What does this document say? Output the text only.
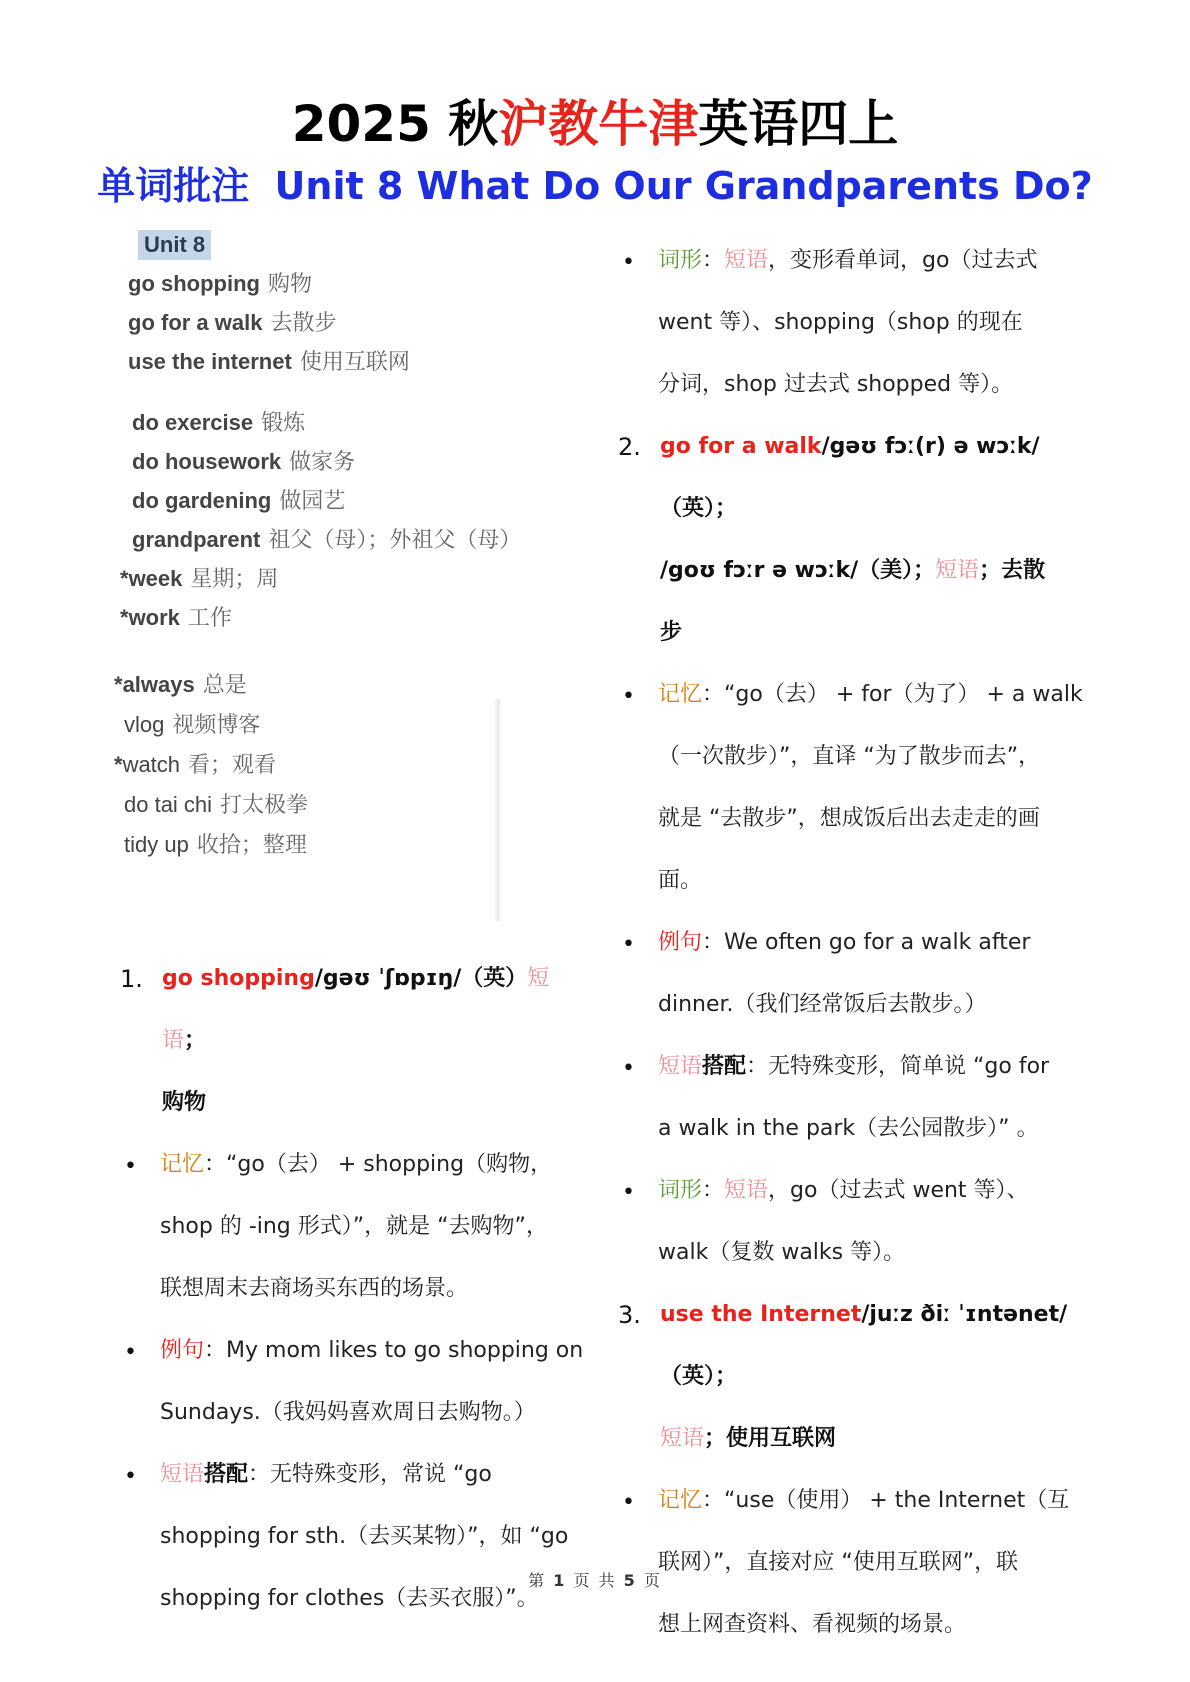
2025 秋沪教牛津英语四上
单词批注 Unit 8 What Do Our Grandparents Do?
Unit 8
go shopping 购物
go for a walk 去散步
use the internet 使用互联网
do exercise 锻炼
do housework 做家务
do gardening 做园艺
grandparent 祖父（母）；外祖父（母）
*week 星期；周
*work 工作
*always 总是
vlog 视频博客
*watch 看；观看
do tai chi 打太极拳
tidy up 收拾；整理
1. go shopping/gəʊ ˈʃɒpɪŋ/（英）短语；
购物
• 记忆：“go（去） + shopping（购物，
shop 的 -ing 形式）”，就是 “去购物”，
联想周末去商场买东西的场景。
• 例句：My mom likes to go shopping on
Sundays.（我妈妈喜欢周日去购物。）
• 短语搭配：无特殊变形，常说 “go
shopping for sth.（去买某物）”，如 “go
shopping for clothes（去买衣服）”。
• 词形：短语，变形看单词，go（过去式
went 等）、shopping（shop 的现在
分词，shop 过去式 shopped 等）。
2. go for a walk/gəʊ fɔː(r) ə wɔːk/（英）；
/goʊ fɔːr ə wɔːk/（美）；短语；去散
步
• 记忆：“go（去） + for（为了） + a walk
（一次散步）”，直译 “为了散步而去”，
就是 “去散步”，想成饭后出去走走的画
面。
• 例句：We often go for a walk after
dinner.（我们经常饭后去散步。）
• 短语搭配：无特殊变形，简单说 “go for
a walk in the park（去公园散步）” 。
• 词形：短语，go（过去式 went 等）、
walk（复数 walks 等）。
3. use the Internet/juːz ðiː ˈɪntənet/（英）；
短语；使用互联网
• 记忆：“use（使用） + the Internet（互
联网）”，直接对应 “使用互联网”，联
想上网查资料、看视频的场景。
第 1 页 共 5 页
